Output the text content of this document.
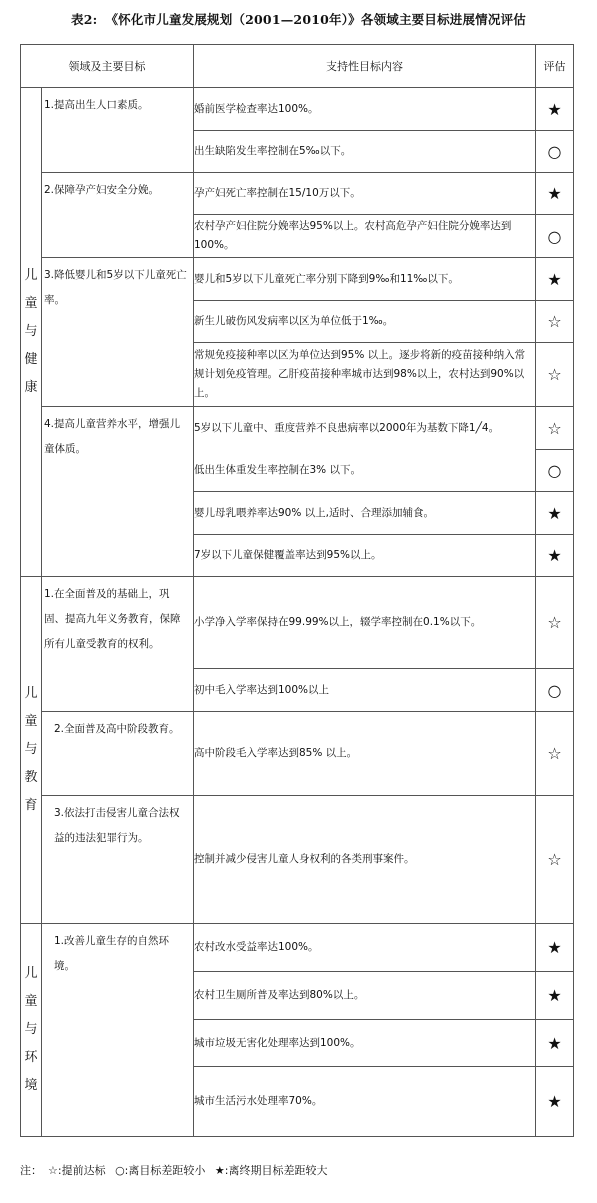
表2: 《怀化市儿童发展规划（2001—2010年）》各领域主要目标进展情况评估
领域及主要目标		支持性目标内容	评估

儿童与健康	1.提高出生人口素质。	婚前医学检查率达100%。	★
		出生缺陷发生率控制在5‰以下。	○
	2.保障孕产妇安全分娩。	孕产妇死亡率控制在15/10万以下。	★
		农村孕产妇住院分娩率达95%以上。农村高危孕产妇住院分娩率达到100%。	○
	3.降低婴儿和5岁以下儿童死亡率。	婴儿和5岁以下儿童死亡率分别下降到9‰和11‰以下。	★
		新生儿破伤风发病率以区为单位低于1‰。	☆
		常规免疫接种率以区为单位达到95% 以上。逐步将新的疫苗接种纳入常规计划免疫管理。乙肝疫苗接种率城市达到98%以上，农村达到90%以上。	☆
	4.提高儿童营养水平，增强儿童体质。	5岁以下儿童中、重度营养不良患病率以2000年为基数下降1╱4。	☆
		低出生体重发生率控制在3% 以下。	○
		婴儿母乳喂养率达90% 以上,适时、合理添加辅食。	★
		7岁以下儿童保健覆盖率达到95%以上。	★

儿童与教育	1.在全面普及的基础上，巩固、提高九年义务教育，保障所有儿童受教育的权利。	小学净入学率保持在99.99%以上，辍学率控制在0.1%以下。	☆
		初中毛入学率达到100%以上	○
	2.全面普及高中阶段教育。	高中阶段毛入学率达到85% 以上。	☆
	3.依法打击侵害儿童合法权益的违法犯罪行为。	控制并减少侵害儿童人身权利的各类刑事案件。	☆

儿童与环境	1.改善儿童生存的自然环境。	农村改水受益率达100%。	★
		农村卫生厕所普及率达到80%以上。	★
		城市垃圾无害化处理率达到100%。	★
		城市生活污水处理率70%。	★
注： ☆:提前达标 ○:离目标差距较小 ★:离终期目标差距较大
